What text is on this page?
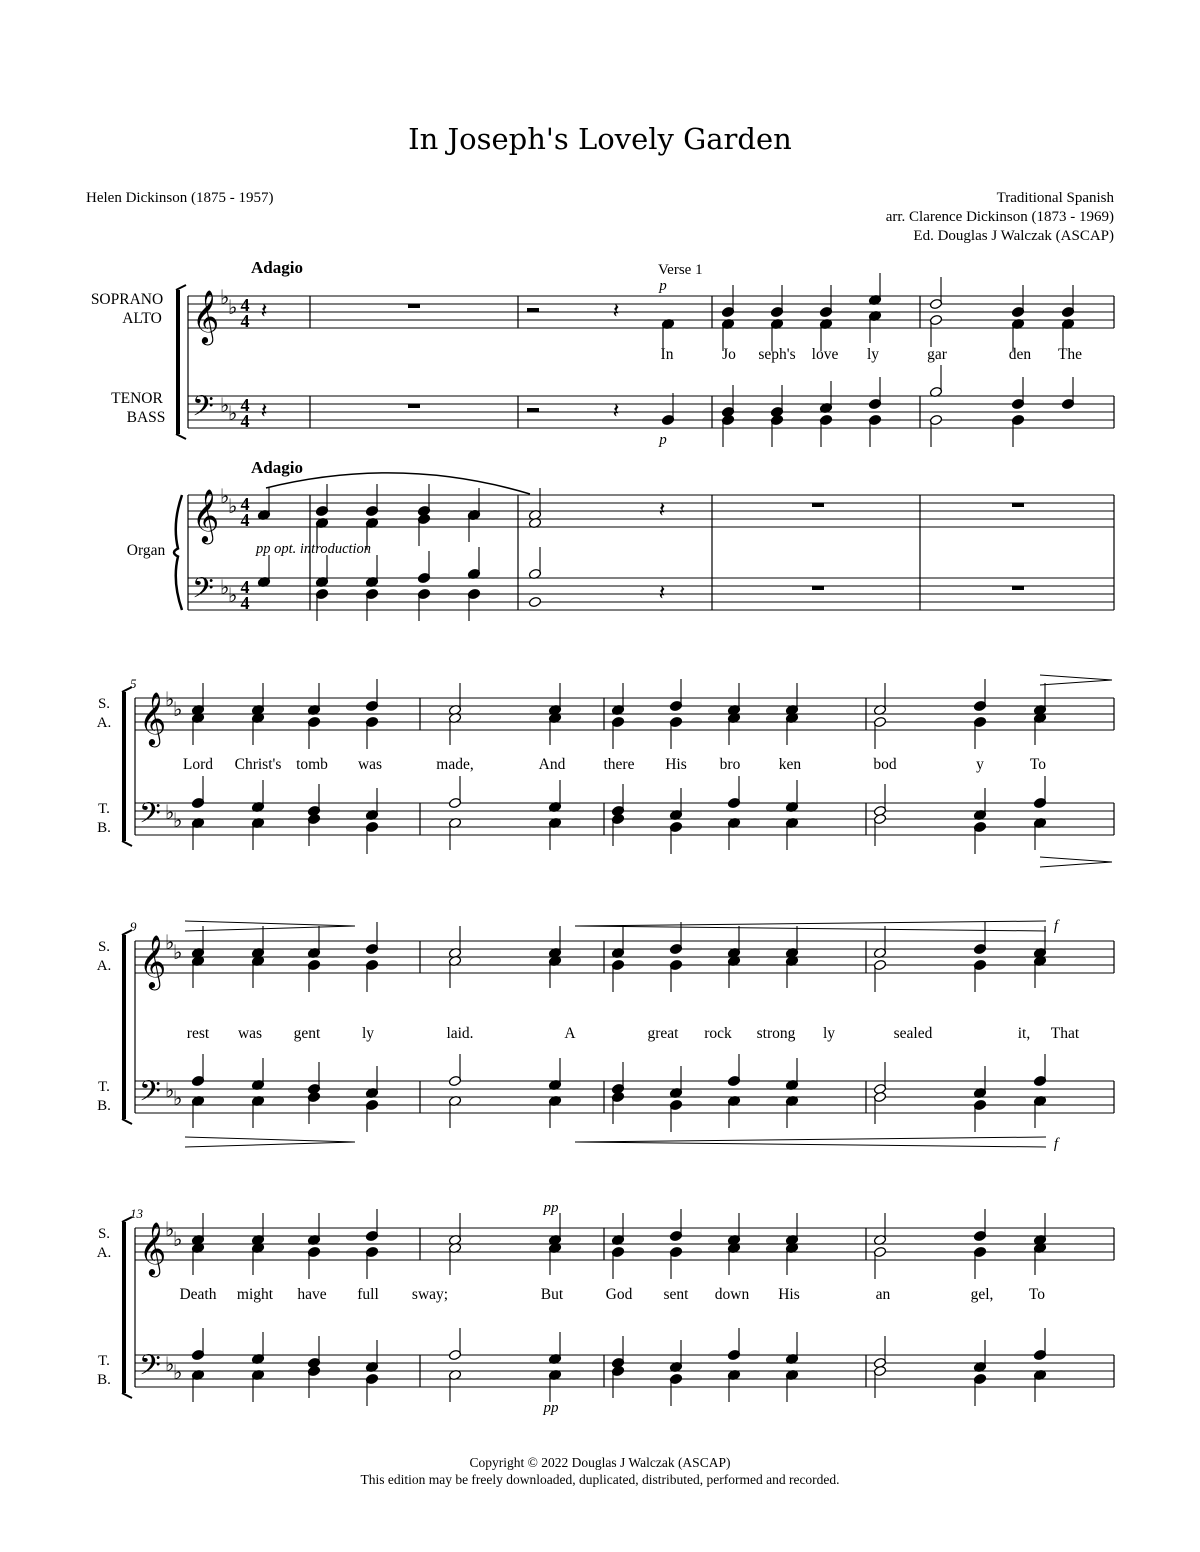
In Joseph's Lovely Garden
Helen Dickinson (1875 - 1957)	Traditional Spanish
arr. Clarence Dickinson (1873 - 1969)
Ed. Douglas J Walczak (ASCAP)
𝄞 ♭
♭ 4
4
𝄞 ♭
♭ 4
4
𝄢 ♭
♭ 4
4
𝄢 ♭
♭ 4
4
SOPRANO
ALTO
TENOR
BASS
Organ
Adagio
Adagio
Verse 1
p
p
pp opt. introduction
𝄽
𝄽
𝄽
𝄽
𝄽
𝄽
In	Jo seph's love ly	gar	den The
𝄞
♭
♭
𝄢 ♭
♭
5
S.
A.
T.
B.
Lord Christ's tomb was	made,	And there His bro ken	bod	y	To
𝄞
♭
♭
𝄢 ♭
♭
9
S.
A.
T.
B.
rest was gent	ly	laid.	A	great rock strong ly	sealed	it, That
f
f
𝄞
♭
♭
𝄢 ♭
♭
13
S.
A.
T.
B.
Death might have full sway;	But	God sent down His	an	gel, To
pp
pp
Copyright © 2022 Douglas J Walczak (ASCAP)
This edition may be freely downloaded, duplicated, distributed, performed and recorded.
